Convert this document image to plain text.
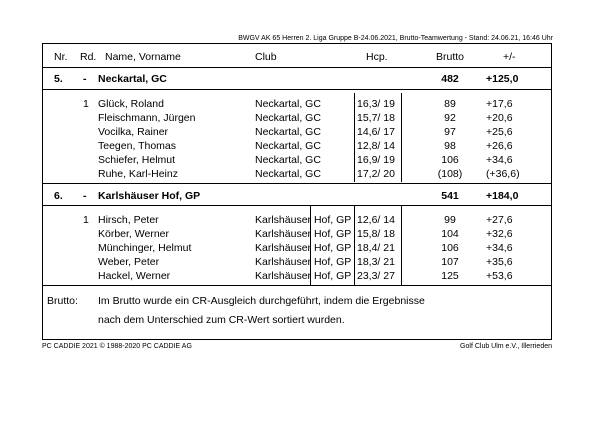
BWGV AK 65 Herren 2. Liga Gruppe B-24.06.2021, Brutto-Teamwertung - Stand: 24.06.21, 16:46 Uhr
Nr. Rd. Name, Vorname	Club	Hcp.	Brutto	+/-
5. - Neckartal, GC	482	+125,0
1 Glück, Roland	Neckartal, GC	16,3/ 19	89	+17,6
Fleischmann, Jürgen	Neckartal, GC	15,7/ 18	92	+20,6
Vocilka, Rainer	Neckartal, GC	14,6/ 17	97	+25,6
Teegen, Thomas	Neckartal, GC	12,8/ 14	98	+26,6
Schiefer, Helmut	Neckartal, GC	16,9/ 19	106	+34,6
Ruhe, Karl-Heinz	Neckartal, GC	17,2/ 20	(108)	(+36,6)
6. - Karlshäuser Hof, GP	541	+184,0
1 Hirsch, Peter	Karlshäuser Hof, GP 12,6/ 14	99	+27,6
Körber, Werner	Karlshäuser Hof, GP 15,8/ 18	104	+32,6
Münchinger, Helmut	Karlshäuser Hof, GP 18,4/ 21	106	+34,6
Weber, Peter	Karlshäuser Hof, GP 18,3/ 21	107	+35,6
Hackel, Werner	Karlshäuser Hof, GP 23,3/ 27	125	+53,6
Brutto: Im Brutto wurde ein CR-Ausgleich durchgeführt, indem die Ergebnisse
nach dem Unterschied zum CR-Wert sortiert wurden.
PC CADDIE 2021 © 1988-2020 PC CADDIE AG	Golf Club Ulm e.V., Illerrieden
